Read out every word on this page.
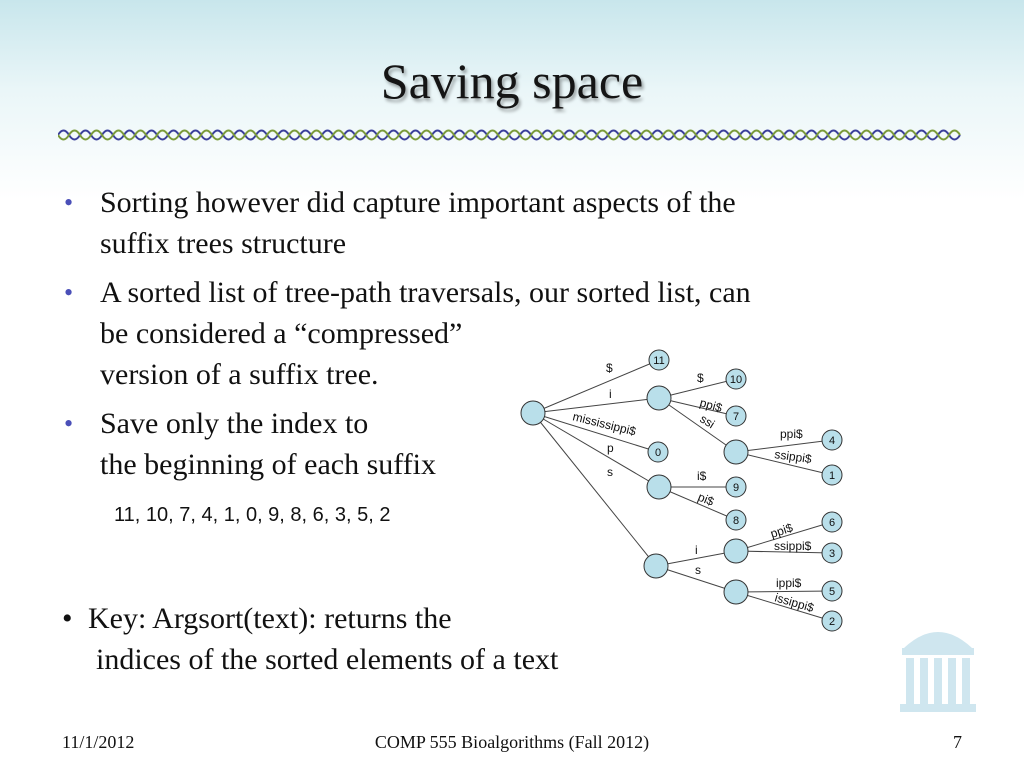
Saving space
• Sorting however did capture important aspects of the
suffix trees structure
• A sorted list of tree-path traversals, our sorted list, can
be considered a “compressed”
version of a suffix tree.
• Save only the index to
the beginning of each suffix
11, 10, 7, 4, 1, 0, 9, 8, 6, 3, 5, 2
• Key: Argsort(text): returns the
indices of the sorted elements of a text
$
i
mississippi$
p
s
$
ppi$
ssi
ppi$
ssippi$
i$
pi$
i
s
ppi$
ssippi$
ippi$
issippi$
11
10
7
4
1
0
9
8	6
3
5
2
11/1/2012	COMP 555 Bioalgorithms (Fall 2012)	7
